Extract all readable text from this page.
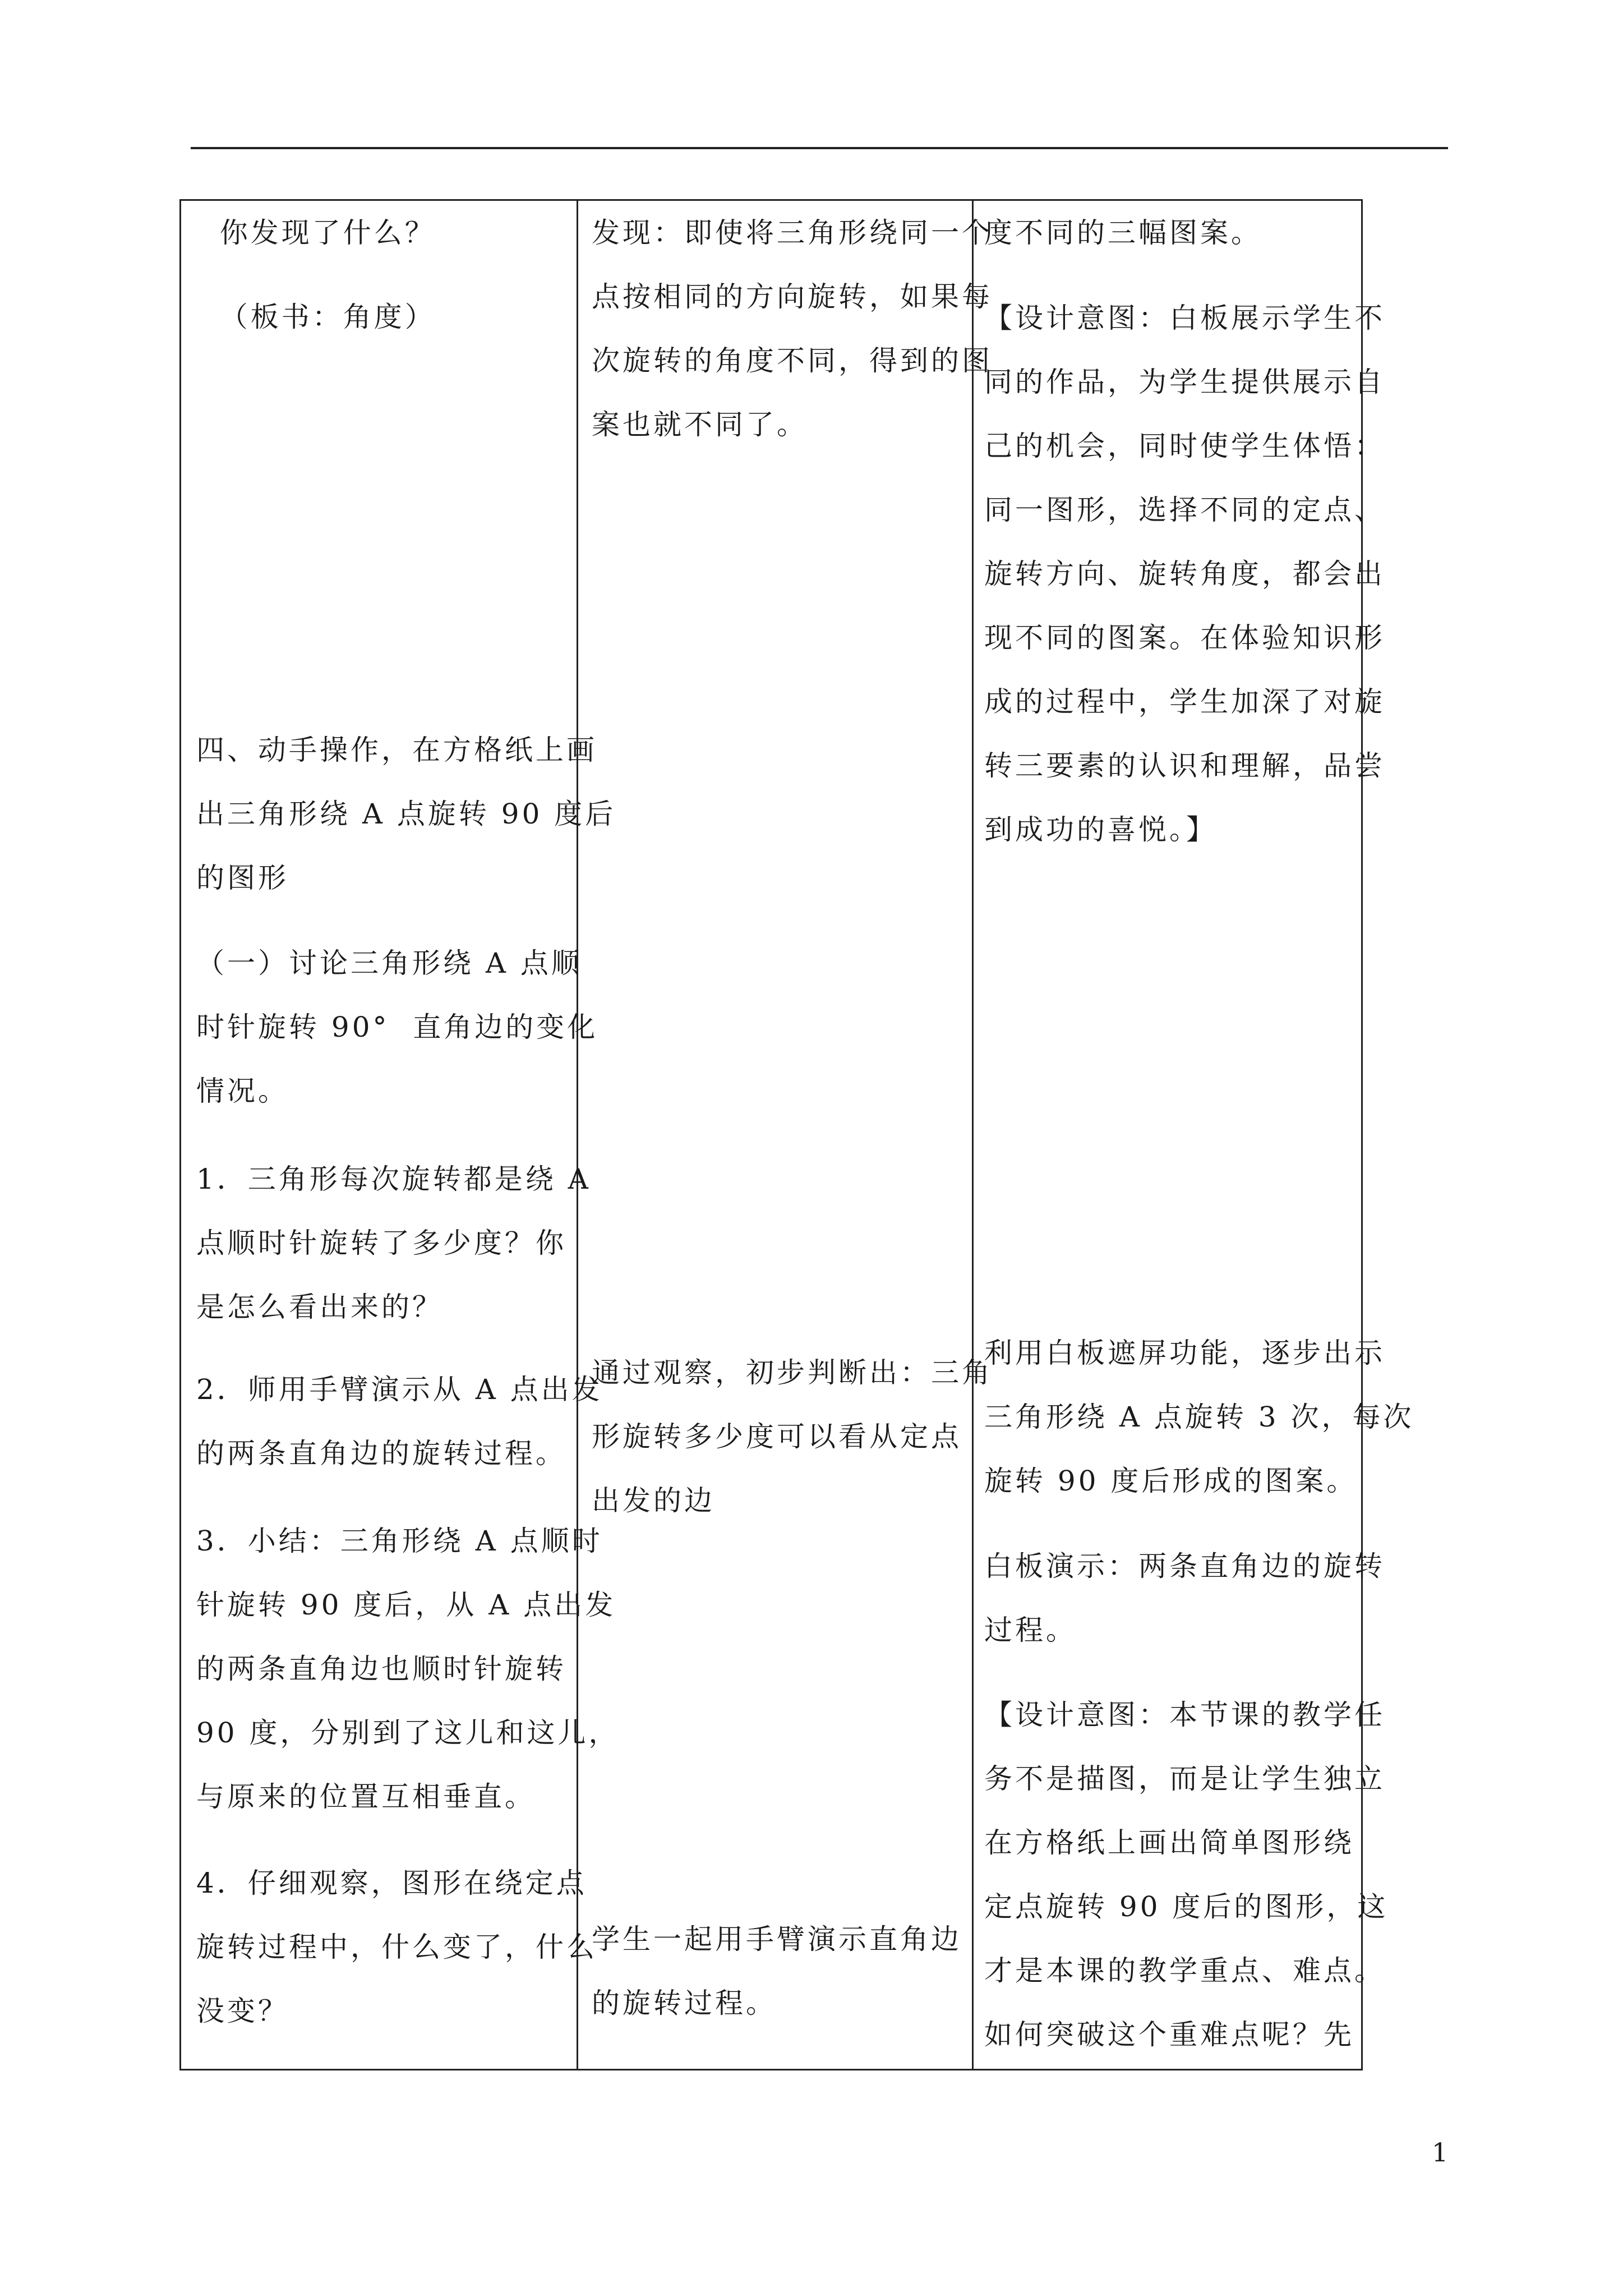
你发现了什么？
（板书：角度）
四、动手操作，在方格纸上画
出三角形绕 A 点旋转 90 度后
的图形
（一）讨论三角形绕 A 点顺
时针旋转 90°  直角边的变化
情况。
1．三角形每次旋转都是绕 A
点顺时针旋转了多少度？你
是怎么看出来的？
2．师用手臂演示从 A 点出发
的两条直角边的旋转过程。
3．小结：三角形绕 A 点顺时
针旋转 90 度后，从 A 点出发
的两条直角边也顺时针旋转
90 度，分别到了这儿和这儿，
与原来的位置互相垂直。
4．仔细观察，图形在绕定点
旋转过程中，什么变了，什么
没变？
发现：即使将三角形绕同一个
点按相同的方向旋转，如果每
次旋转的角度不同，得到的图
案也就不同了。
通过观察，初步判断出：三角
形旋转多少度可以看从定点
出发的边
学生一起用手臂演示直角边
的旋转过程。
度不同的三幅图案。
【设计意图：白板展示学生不
同的作品，为学生提供展示自
己的机会，同时使学生体悟：
同一图形，选择不同的定点、
旋转方向、旋转角度，都会出
现不同的图案。在体验知识形
成的过程中，学生加深了对旋
转三要素的认识和理解，品尝
到成功的喜悦。】
利用白板遮屏功能，逐步出示
三角形绕 A 点旋转 3 次，每次
旋转 90 度后形成的图案。
白板演示：两条直角边的旋转
过程。
【设计意图：本节课的教学任
务不是描图，而是让学生独立
在方格纸上画出简单图形绕
定点旋转 90 度后的图形，这
才是本课的教学重点、难点。
如何突破这个重难点呢？先
1
